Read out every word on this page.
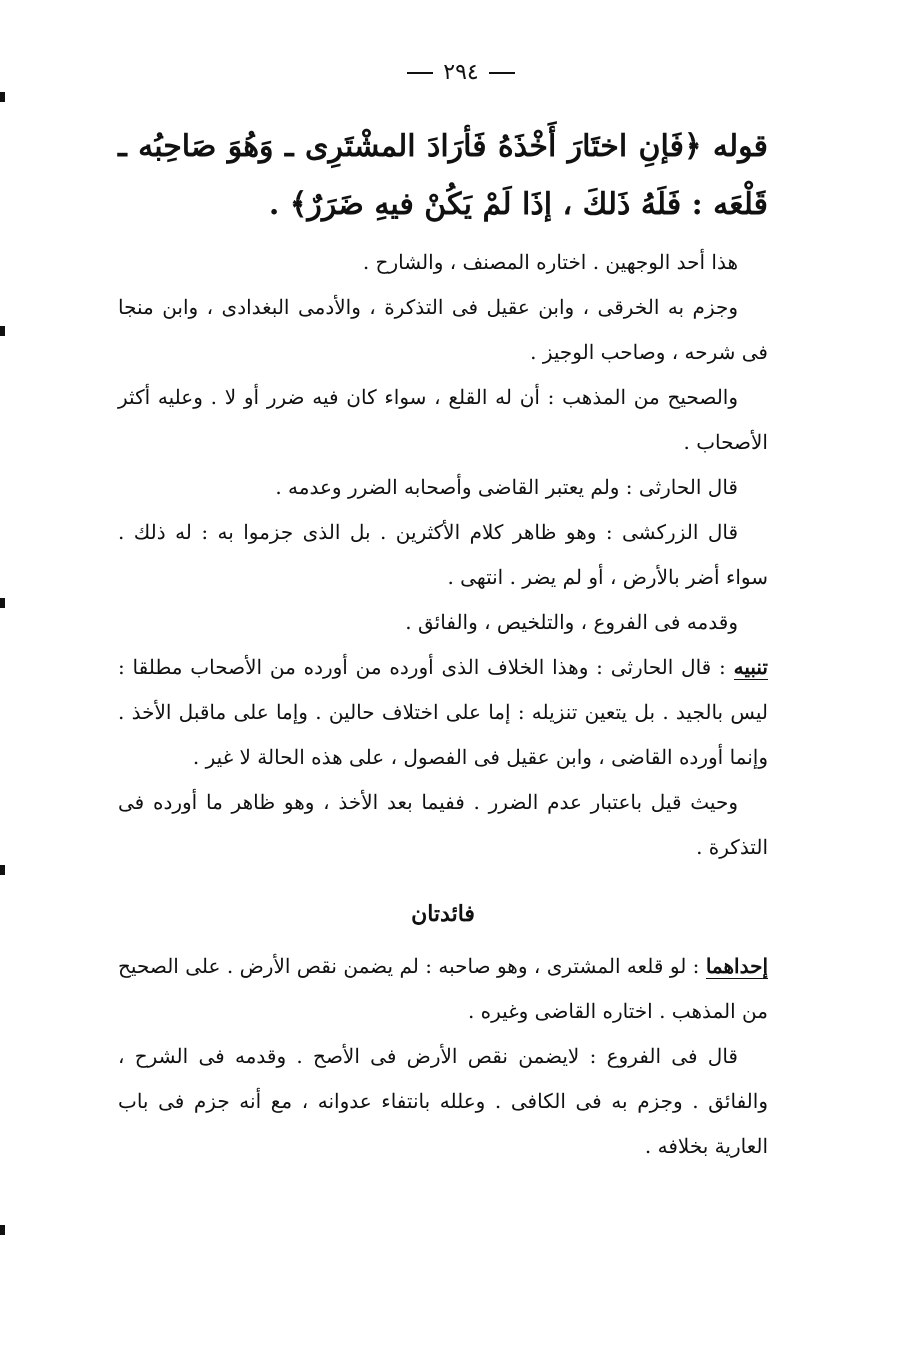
٢٩٤

قوله ﴿فَإنِ اختَارَ أَخْذَهُ فَأرَادَ المشْتَرِى ـ وَهُوَ صَاحِبُه ـ قَلْعَه : فَلَهُ ذَلكَ ، إذَا لَمْ يَكُنْ فيهِ ضَرَرٌ﴾ .

هذا أحد الوجهين . اختاره المصنف ، والشارح .

وجزم به الخرقى ، وابن عقيل فى التذكرة ، والأدمى البغدادى ، وابن منجا فى شرحه ، وصاحب الوجيز .

والصحيح من المذهب : أن له القلع ، سواء كان فيه ضرر أو لا . وعليه أكثر الأصحاب .

قال الحارثى : ولم يعتبر القاضى وأصحابه الضرر وعدمه .

قال الزركشى : وهو ظاهر كلام الأكثرين . بل الذى جزموا به : له ذلك . سواء أضر بالأرض ، أو لم يضر . انتهى .

وقدمه فى الفروع ، والتلخيص ، والفائق .

تنبيه : قال الحارثى : وهذا الخلاف الذى أورده من أورده من الأصحاب مطلقا : ليس بالجيد . بل يتعين تنزيله : إما على اختلاف حالين . وإما على ماقبل الأخذ . وإنما أورده القاضى ، وابن عقيل فى الفصول ، على هذه الحالة لا غير .

وحيث قيل باعتبار عدم الضرر . ففيما بعد الأخذ ، وهو ظاهر ما أورده فى التذكرة .

فائدتان

إحداهما : لو قلعه المشترى ، وهو صاحبه : لم يضمن نقص الأرض . على الصحيح من المذهب . اختاره القاضى وغيره .

قال فى الفروع : لايضمن نقص الأرض فى الأصح . وقدمه فى الشرح ، والفائق . وجزم به فى الكافى . وعلله بانتفاء عدوانه ، مع أنه جزم فى باب العارية بخلافه .
